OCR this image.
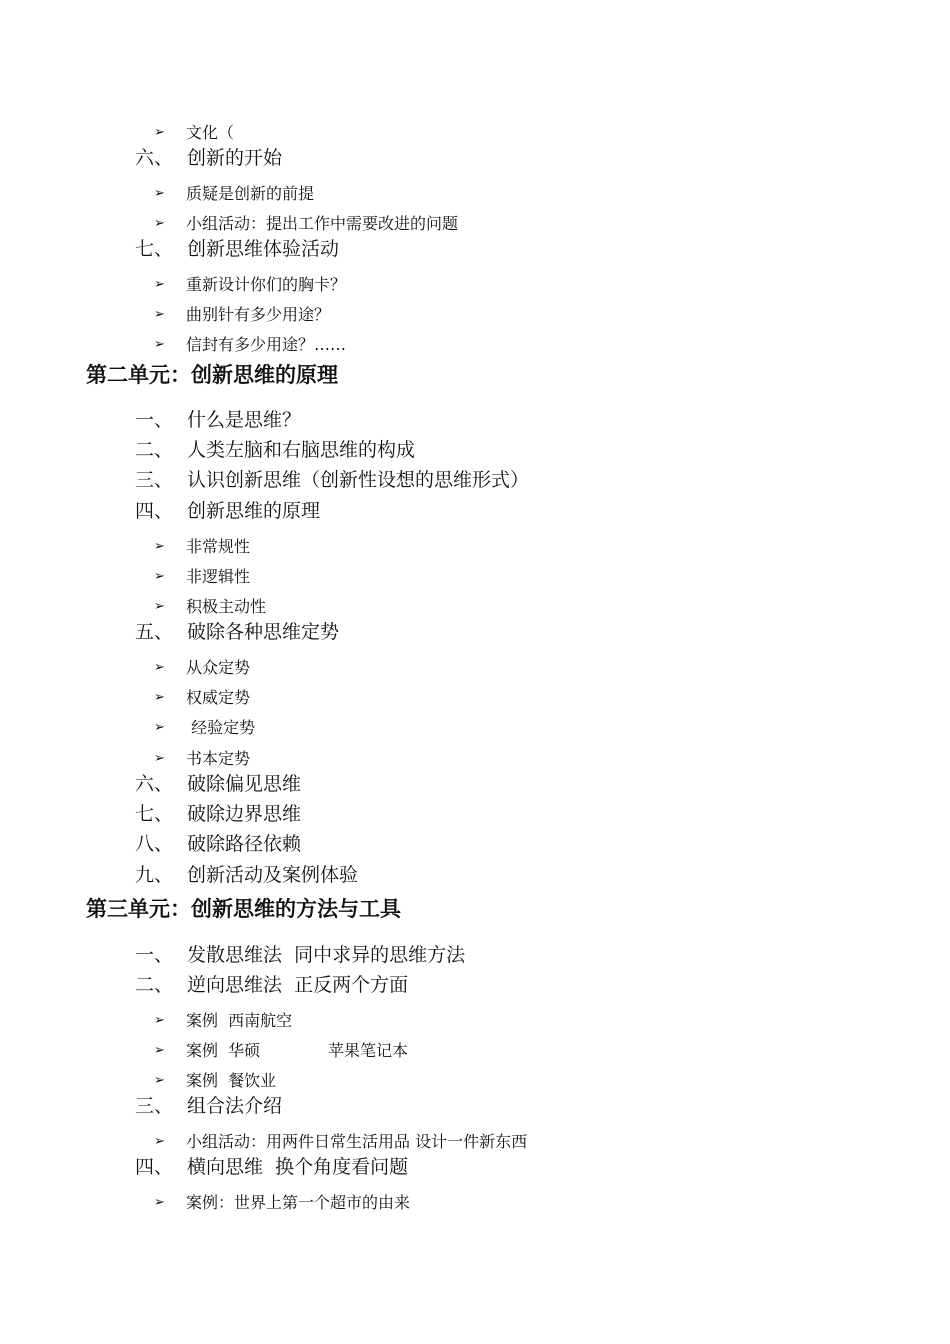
➢ 文化（
六、 创新的开始
➢ 质疑是创新的前提
➢ 小组活动：提出工作中需要改进的问题
七、 创新思维体验活动
➢ 重新设计你们的胸卡？
➢ 曲别针有多少用途？
➢ 信封有多少用途？……
第二单元：创新思维的原理
一、 什么是思维？
二、 人类左脑和右脑思维的构成
三、 认识创新思维（创新性设想的思维形式）
四、 创新思维的原理
➢ 非常规性
➢ 非逻辑性
➢ 积极主动性
五、 破除各种思维定势
➢ 从众定势
➢ 权威定势
➢ 经验定势
➢ 书本定势
六、 破除偏见思维
七、 破除边界思维
八、 破除路径依赖
九、 创新活动及案例体验
第三单元：创新思维的方法与工具
一、 发散思维法  同中求异的思维方法
二、 逆向思维法  正反两个方面
➢ 案例  西南航空
➢ 案例  华硕	苹果笔记本
➢ 案例  餐饮业
三、 组合法介绍
➢ 小组活动：用两件日常生活用品 设计一件新东西
四、 横向思维  换个角度看问题
➢ 案例：世界上第一个超市的由来
